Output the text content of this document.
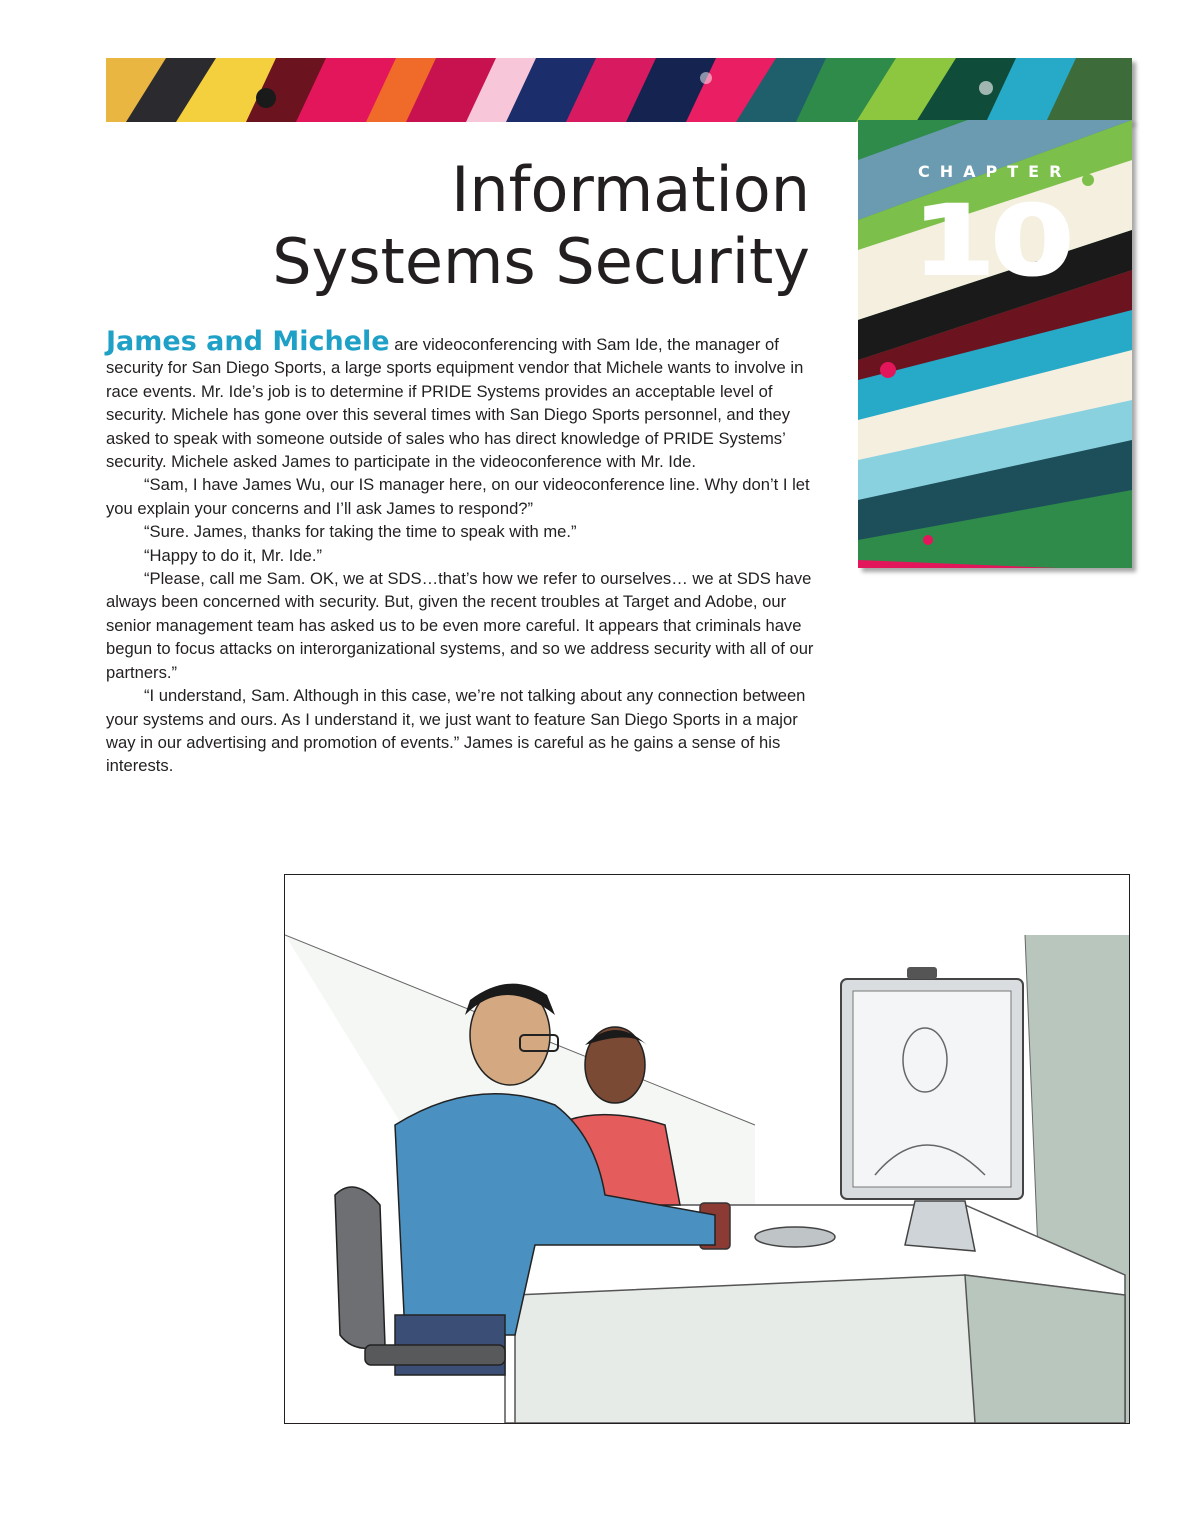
CHAPTER
10
Information
Systems Security

James and Michele are videoconferencing with Sam Ide, the manager of security for San Diego Sports, a large sports equipment vendor that Michele wants to involve in race events. Mr. Ide’s job is to determine if PRIDE Systems provides an acceptable level of security. Michele has gone over this several times with San Diego Sports personnel, and they asked to speak with someone outside of sales who has direct knowledge of PRIDE Systems’ security. Michele asked James to participate in the videoconference with Mr. Ide.

“Sam, I have James Wu, our IS manager here, on our videoconference line. Why don’t I let you explain your concerns and I’ll ask James to respond?”

“Sure. James, thanks for taking the time to speak with me.”

“Happy to do it, Mr. Ide.”

“Please, call me Sam. OK, we at SDS…that’s how we refer to ourselves… we at SDS have always been concerned with security. But, given the recent troubles at Target and Adobe, our senior management team has asked us to be even more careful. It appears that criminals have begun to focus attacks on interorganizational systems, and so we address security with all of our partners.”

“I understand, Sam. Although in this case, we’re not talking about any connection between your systems and ours. As I understand it, we just want to feature San Diego Sports in a major way in our advertising and promotion of events.” James is careful as he gains a sense of his interests.
